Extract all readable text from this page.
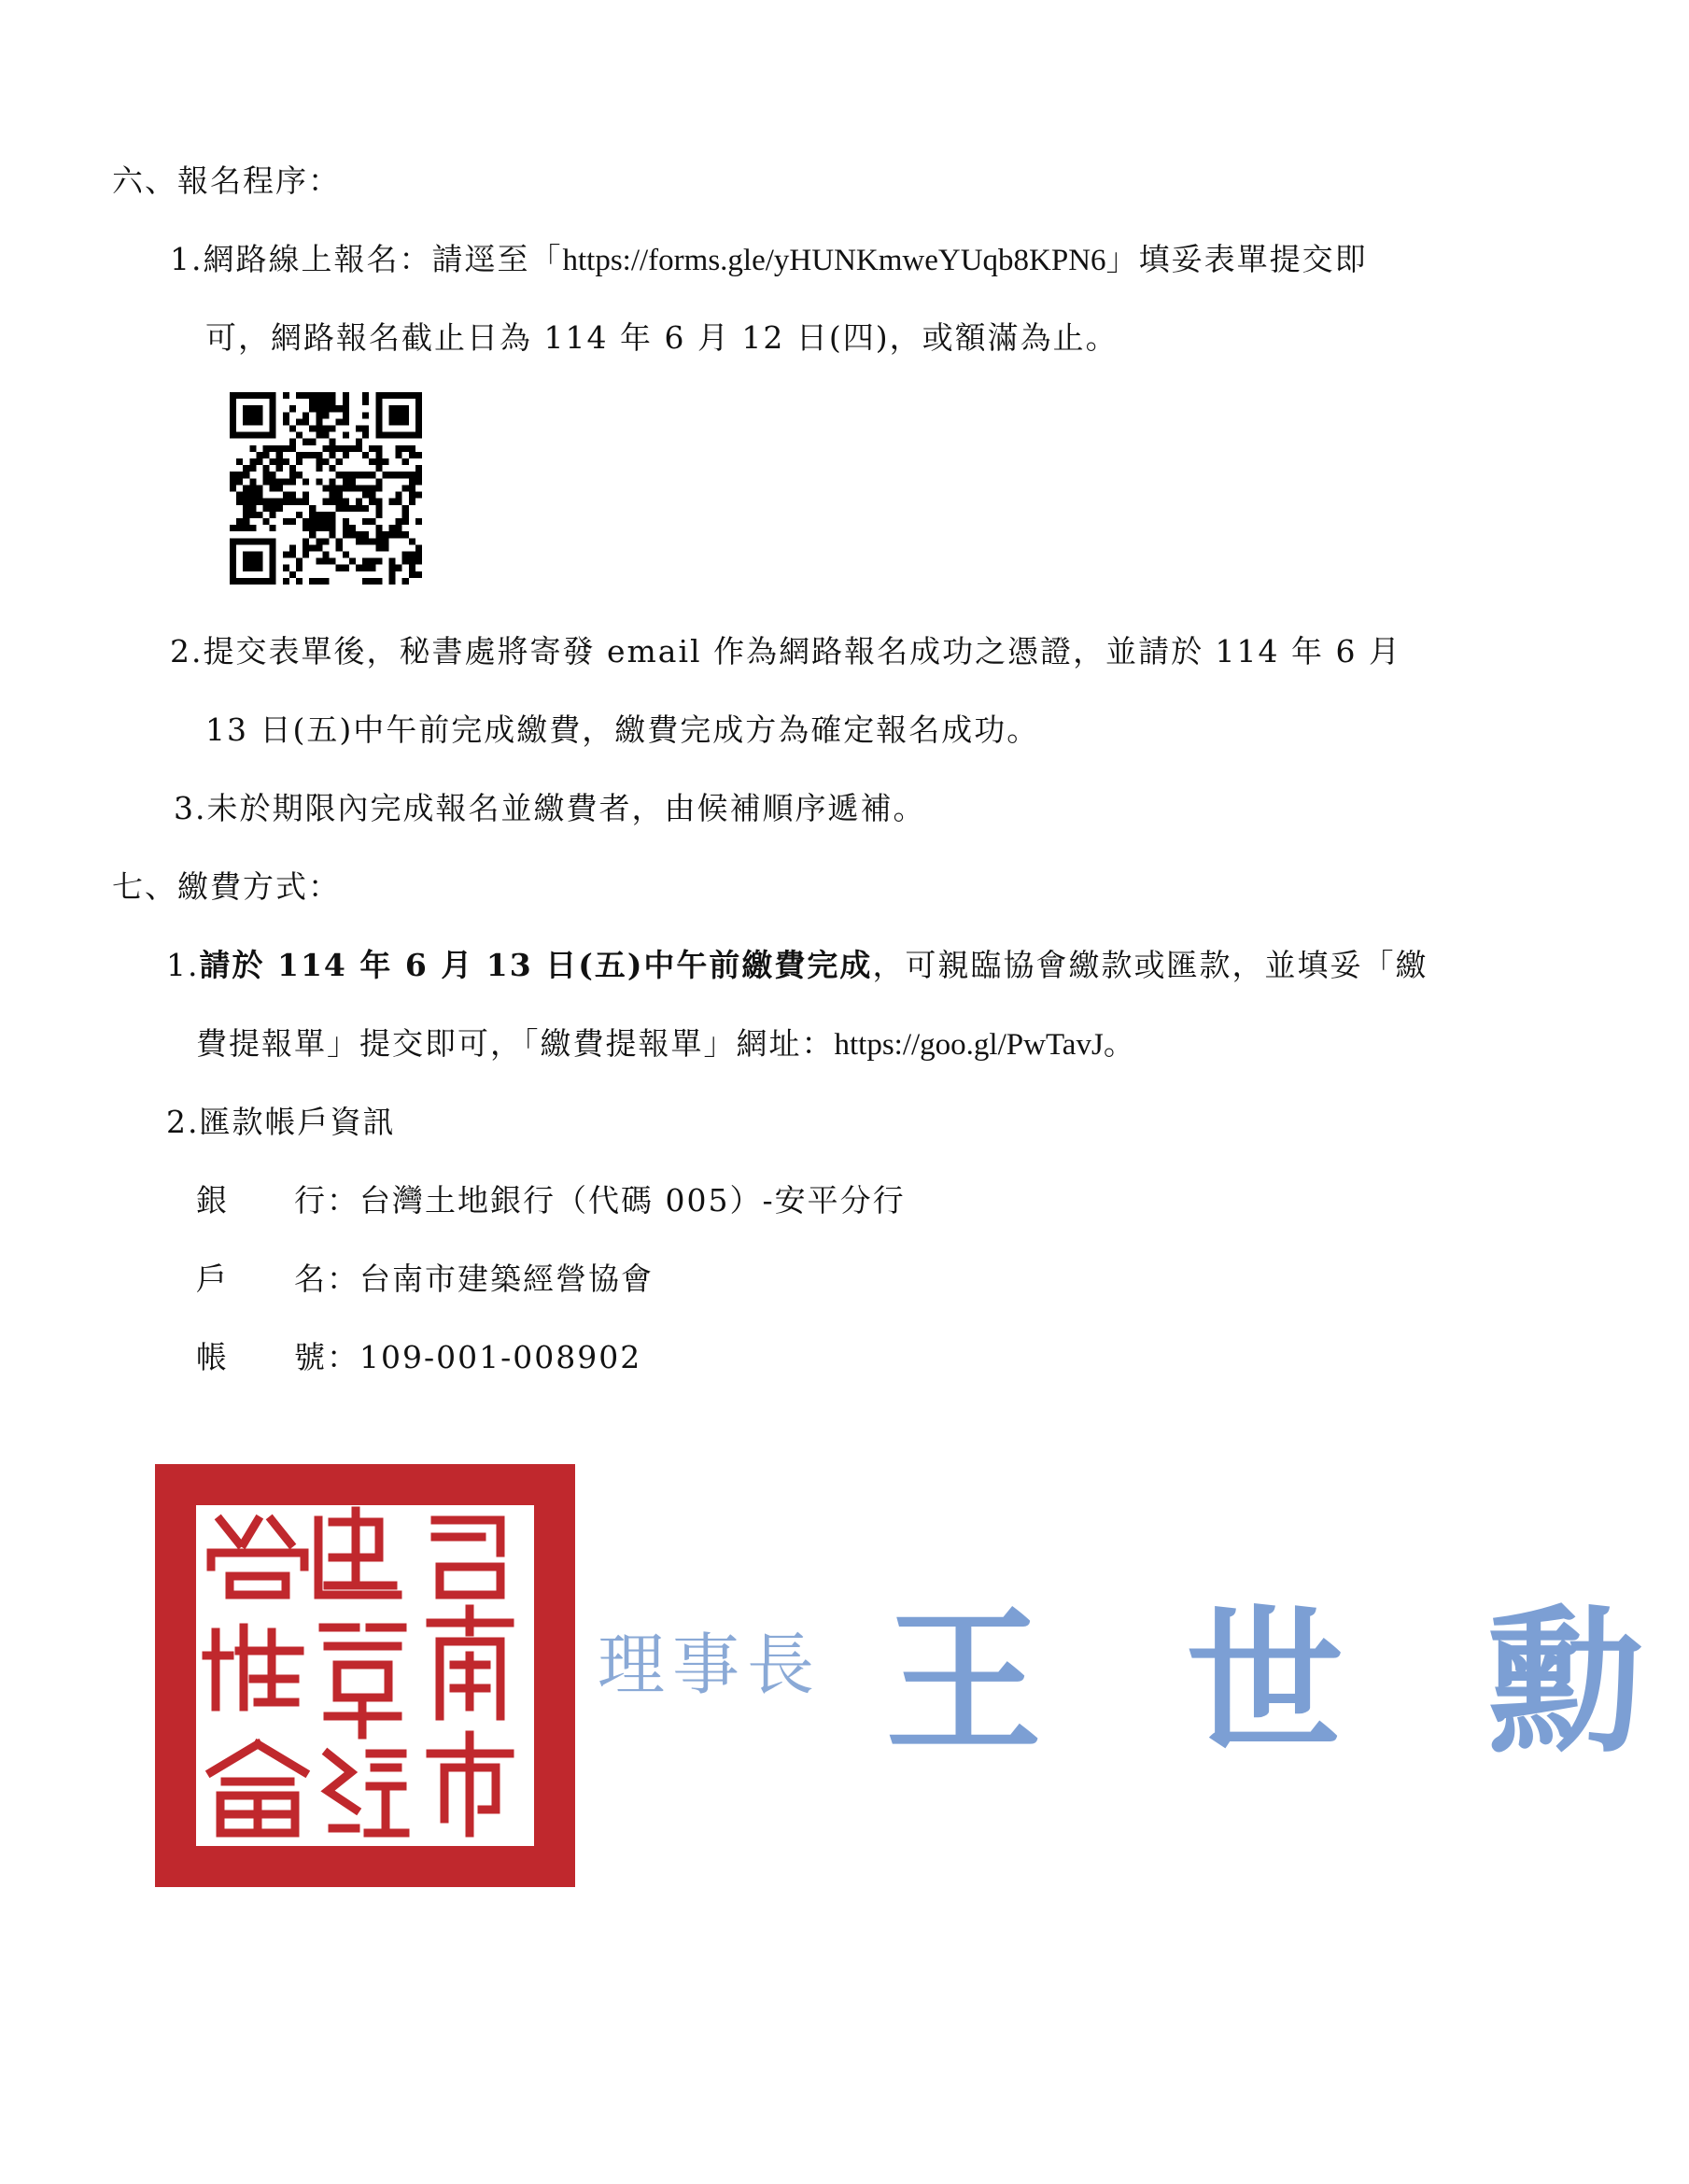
六、報名程序：
1.網路線上報名：請逕至「https://forms.gle/yHUNKmweYUqb8KPN6」填妥表單提交即
可，網路報名截止日為 114 年 6 月 12 日(四)，或額滿為止。
2.提交表單後，秘書處將寄發 email 作為網路報名成功之憑證，並請於 114 年 6 月
13 日(五)中午前完成繳費，繳費完成方為確定報名成功。
3.未於期限內完成報名並繳費者，由候補順序遞補。
七、繳費方式：
1.請於 114 年 6 月 13 日(五)中午前繳費完成，可親臨協會繳款或匯款，並填妥「繳
費提報單」提交即可，「繳費提報單」網址：https://goo.gl/PwTavJ。
2.匯款帳戶資訊
銀　　行：台灣土地銀行（代碼 005）-安平分行
戶　　名：台南市建築經營協會
帳　　號：109-001-008902
理事長 王 世 勳
